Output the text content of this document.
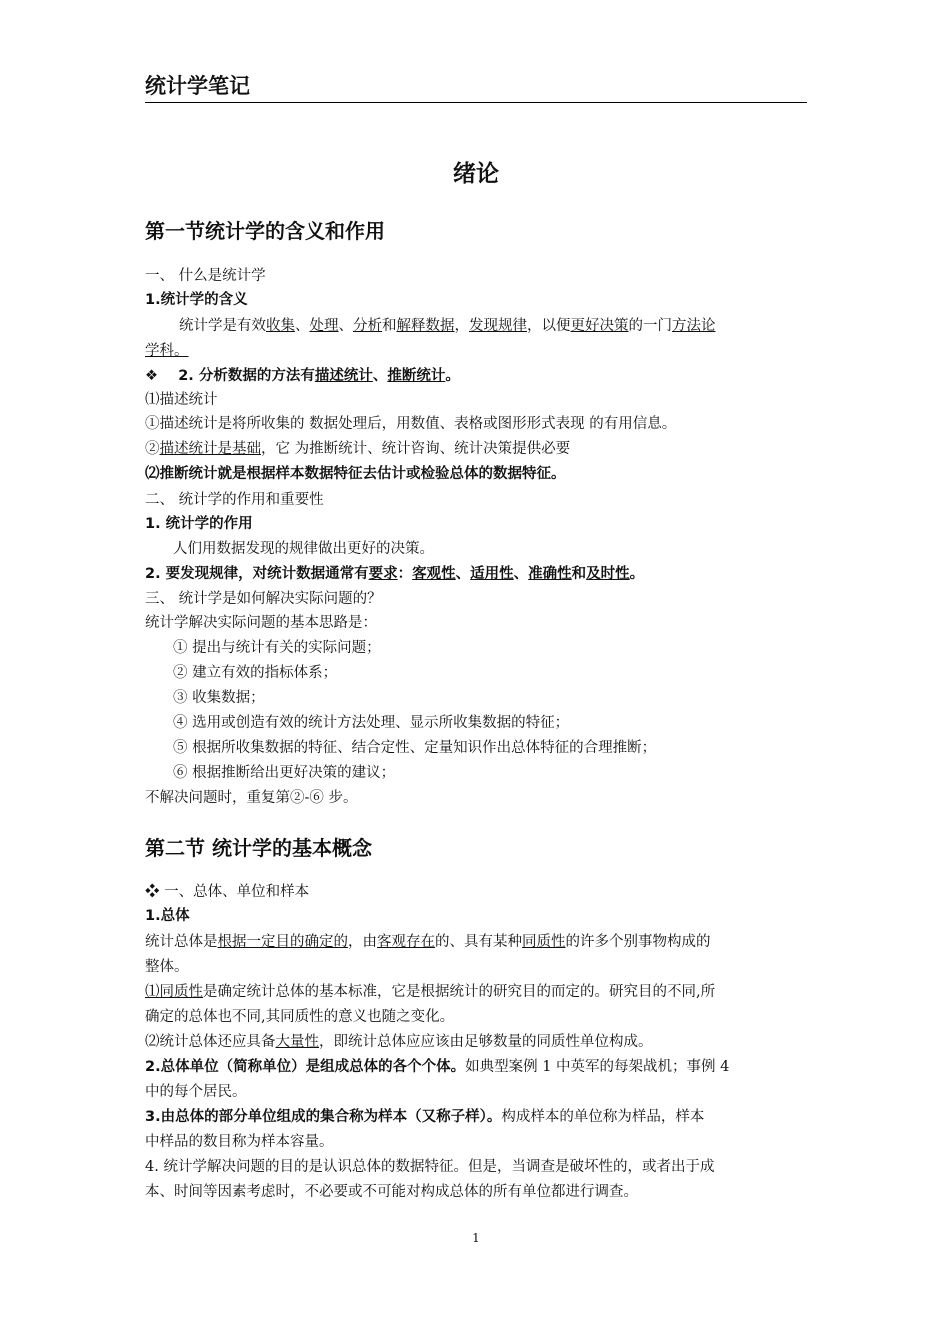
统计学笔记
绪论
第一节统计学的含义和作用
一、 什么是统计学
1.统计学的含义
统计学是有效收集、处理、分析和解释数据，发现规律，以便更好决策的一门方法论
学科。
❖ 2. 分析数据的方法有描述统计、推断统计。
⑴描述统计
①描述统计是将所收集的 数据处理后，用数值、表格或图形形式表现 的有用信息。
②描述统计是基础，它 为推断统计、统计咨询、统计决策提供必要
⑵推断统计就是根据样本数据特征去估计或检验总体的数据特征。
二、 统计学的作用和重要性
1. 统计学的作用
人们用数据发现的规律做出更好的决策。
2. 要发现规律，对统计数据通常有要求：客观性、适用性、准确性和及时性。
三、 统计学是如何解决实际问题的？
统计学解决实际问题的基本思路是：
① 提出与统计有关的实际问题；
② 建立有效的指标体系；
③ 收集数据；
④ 选用或创造有效的统计方法处理、显示所收集数据的特征；
⑤ 根据所收集数据的特征、结合定性、定量知识作出总体特征的合理推断；
⑥ 根据推断给出更好决策的建议；
不解决问题时，重复第②-⑥ 步。
第二节 统计学的基本概念
❖ 一、总体、单位和样本
1.总体
统计总体是根据一定目的确定的，由客观存在的、具有某种同质性的许多个别事物构成的
整体。
⑴同质性是确定统计总体的基本标准，它是根据统计的研究目的而定的。研究目的不同,所
确定的总体也不同,其同质性的意义也随之变化。
⑵统计总体还应具备大量性，即统计总体应应该由足够数量的同质性单位构成。
2.总体单位（简称单位）是组成总体的各个个体。如典型案例 1 中英军的每架战机；事例 4
中的每个居民。
3.由总体的部分单位组成的集合称为样本（又称子样）。构成样本的单位称为样品，样本
中样品的数目称为样本容量。
4. 统计学解决问题的目的是认识总体的数据特征。但是，当调查是破坏性的，或者出于成
本、时间等因素考虑时，不必要或不可能对构成总体的所有单位都进行调查。
1
